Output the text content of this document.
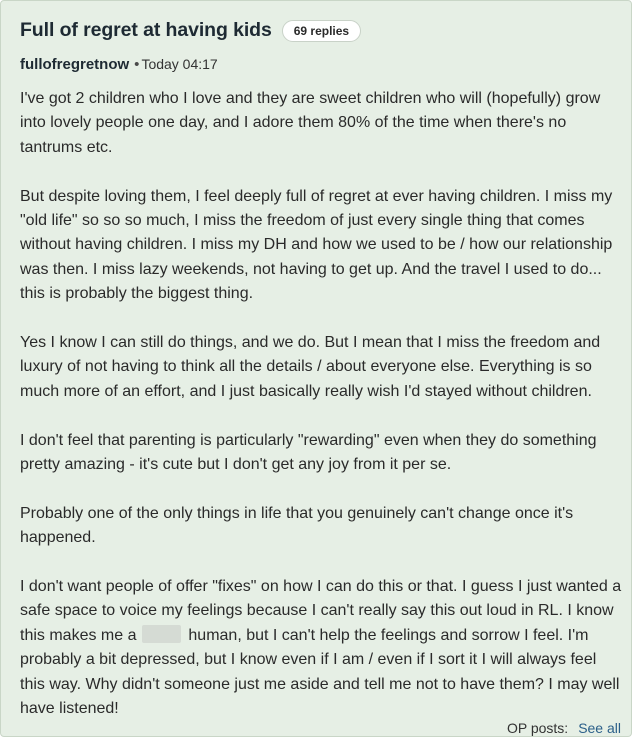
Full of regret at having kids	69 replies
fullofregretnow • Today 04:17

I've got 2 children who I love and they are sweet children who will (hopefully) grow into lovely people one day, and I adore them 80% of the time when there's no tantrums etc.

But despite loving them, I feel deeply full of regret at ever having children. I miss my "old life" so so so much, I miss the freedom of just every single thing that comes without having children. I miss my DH and how we used to be / how our relationship was then. I miss lazy weekends, not having to get up. And the travel I used to do... this is probably the biggest thing.

Yes I know I can still do things, and we do. But I mean that I miss the freedom and luxury of not having to think all the details / about everyone else. Everything is so much more of an effort, and I just basically really wish I'd stayed without children.

I don't feel that parenting is particularly "rewarding" even when they do something pretty amazing - it's cute but I don't get any joy from it per se.

Probably one of the only things in life that you genuinely can't change once it's happened.

I don't want people of offer "fixes" on how I can do this or that. I guess I just wanted a safe space to voice my feelings because I can't really say this out loud in RL. I know this makes me a	human, but I can't help the feelings and sorrow I feel. I'm probably a bit depressed, but I know even if I am / even if I sort it I will always feel this way. Why didn't someone just me aside and tell me not to have them? I may well have listened!

OP posts: See all
